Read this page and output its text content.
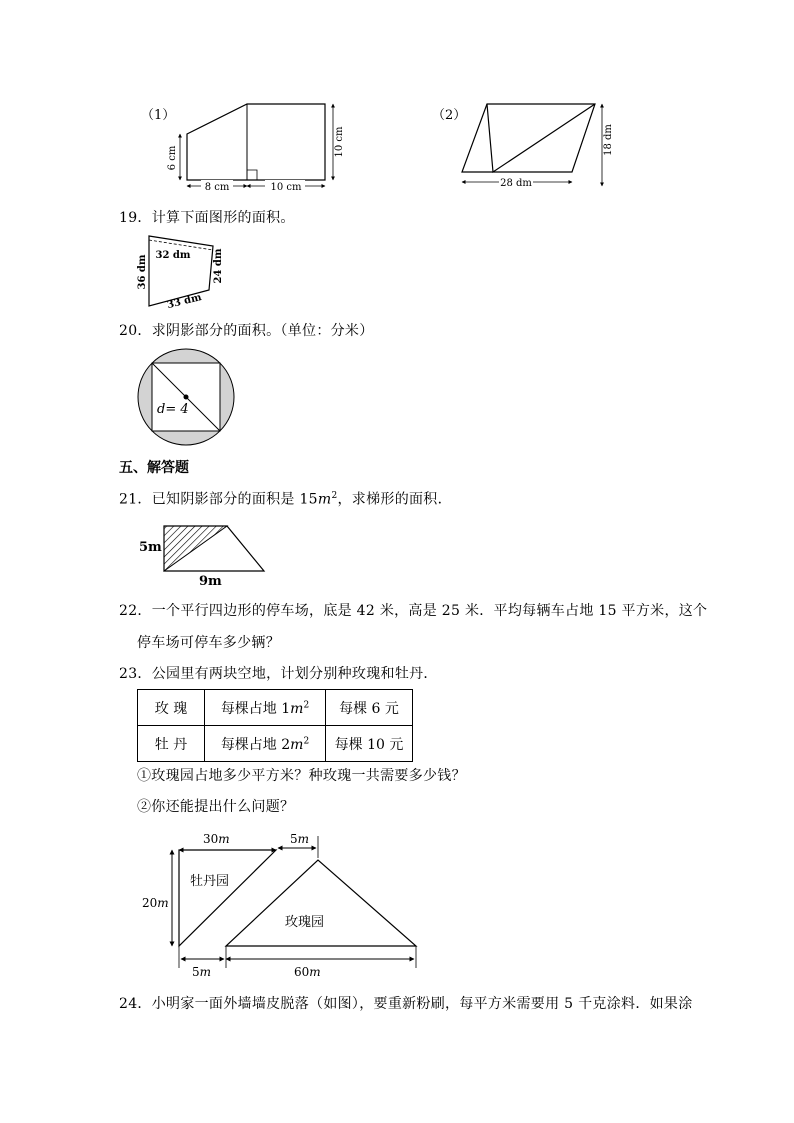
（1）
8 cm	10 cm
6 cm
10 cm
（2）
28 dm
18 dm
19．计算下面图形的面积。
32 dm
36 dm	24 dm
33 dm
20．求阴影部分的面积。（单位：分米）
d= 4
五、解答题
21．已知阴影部分的面积是 $15m^2$，求梯形的面积．
5m
9m
22．一个平行四边形的停车场，底是 42 米，高是 25 米．平均每辆车占地 15 平方米，这个
停车场可停车多少辆？
23．公园里有两块空地，计划分别种玫瑰和牡丹．
玫 瑰	每棵占地 $1m^2$	每棵 6 元
牡 丹	每棵占地 $2m^2$	每棵 10 元
①玫瑰园占地多少平方米？种玫瑰一共需要多少钱？
②你还能提出什么问题？
30m	5m
20m
5m	60m
牡丹园
玫瑰园
24．小明家一面外墙墙皮脱落（如图），要重新粉刷，每平方米需要用 5 千克涂料．如果涂
